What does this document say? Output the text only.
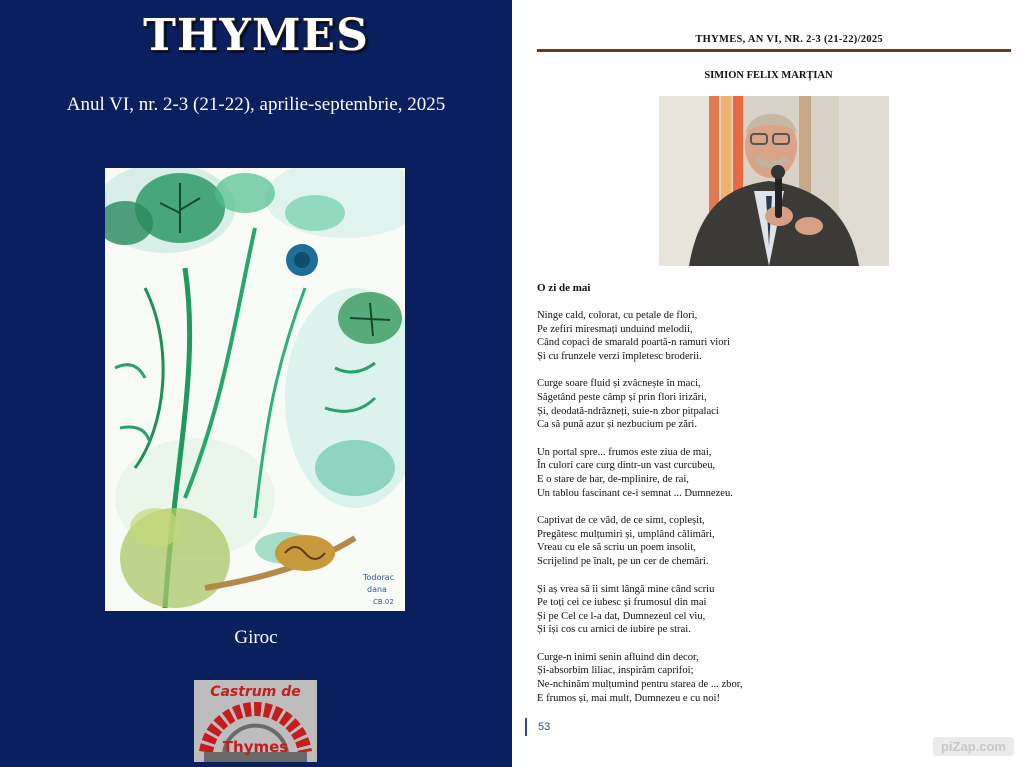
THYMES
Anul VI, nr. 2-3 (21-22), aprilie-septembrie, 2025
Todorac
dana
CB.02
Giroc
Castrum de
Thymes
THYMES, AN VI, NR. 2-3 (21-22)/2025
SIMION FELIX MARȚIAN
O zi de mai
Ninge cald, colorat, cu petale de flori,
Pe zefiri miresmați unduind melodii,
Când copaci de smarald poartă-n ramuri viori
Și cu frunzele verzi împletesc broderii.
Curge soare fluid și zvâcnește în maci,
Săgetând peste câmp și prin flori irizări,
Și, deodată-ndrăzneți, suie-n zbor pitpalaci
Ca să pună azur și nezbucium pe zări.
Un portal spre... frumos este ziua de mai,
În culori care curg dintr-un vast curcubeu,
E o stare de har, de-mplinire, de rai,
Un tablou fascinant ce-i semnat ... Dumnezeu.
Captivat de ce văd, de ce simt, copleșit,
Pregătesc mulțumiri și, umplând călimări,
Vreau cu ele să scriu un poem insolit,
Scrijelind pe înalt, pe un cer de chemări.
Și aș vrea să îi simt lângă mine când scriu
Pe toți cei ce iubesc și frumosul din mai
Și pe Cel ce l-a dat, Dumnezeul cel viu,
Și își cos cu arnici de iubire pe strai.
Curge-n inimi senin afluind din decor,
Și-absorbim liliac, inspirăm caprifoi;
Ne-nchinăm mulțumind pentru starea de ... zbor,
E frumos și, mai mult, Dumnezeu e cu noi!
53
piZap.com
